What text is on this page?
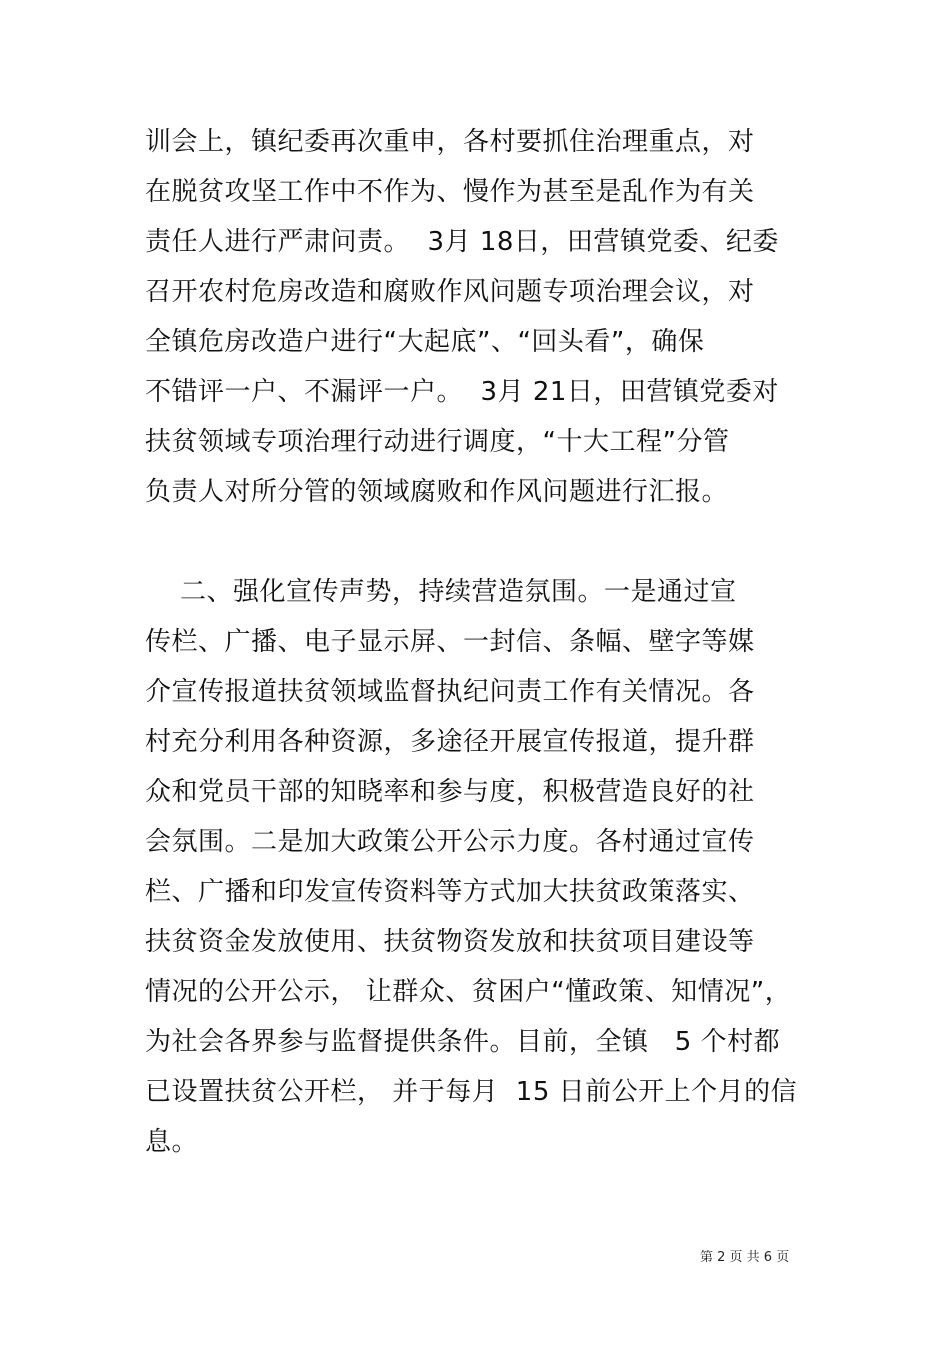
训会上，镇纪委再次重申，各村要抓住治理重点，对
在脱贫攻坚工作中不作为、慢作为甚至是乱作为有关
责任人进行严肃问责。  3月 18日，田营镇党委、纪委
召开农村危房改造和腐败作风问题专项治理会议，对
全镇危房改造户进行“大起底”、“回头看”，确保
不错评一户、不漏评一户。  3月 21日，田营镇党委对
扶贫领域专项治理行动进行调度，“十大工程”分管
负责人对所分管的领域腐败和作风问题进行汇报。
二、强化宣传声势，持续营造氛围。一是通过宣
传栏、广播、电子显示屏、一封信、条幅、壁字等媒
介宣传报道扶贫领域监督执纪问责工作有关情况。各
村充分利用各种资源，多途径开展宣传报道，提升群
众和党员干部的知晓率和参与度，积极营造良好的社
会氛围。二是加大政策公开公示力度。各村通过宣传
栏、广播和印发宣传资料等方式加大扶贫政策落实、
扶贫资金发放使用、扶贫物资发放和扶贫项目建设等
情况的公开公示， 让群众、贫困户“懂政策、知情况”，
为社会各界参与监督提供条件。目前，全镇   5 个村都
已设置扶贫公开栏， 并于每月  15 日前公开上个月的信
息。
第 2 页 共 6 页
